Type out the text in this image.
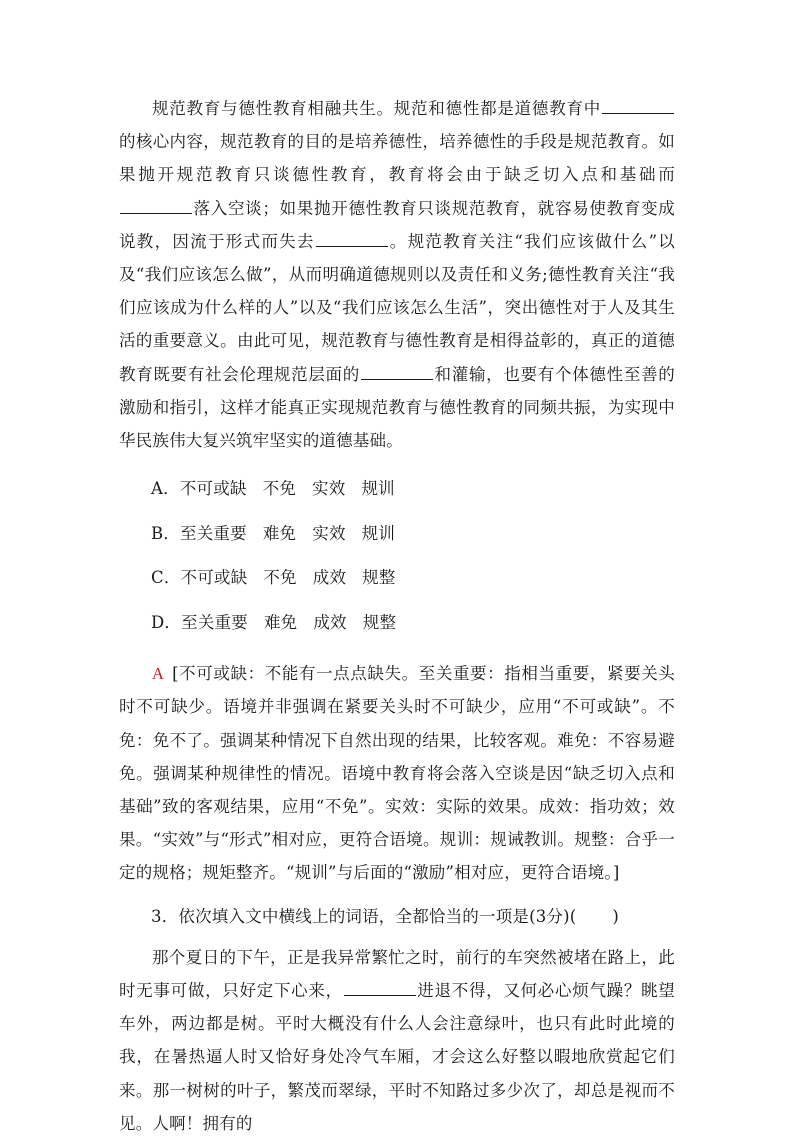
规范教育与德性教育相融共生。规范和德性都是道德教育中的核心内容，规范教育的目的是培养德性，培养德性的手段是规范教育。如果抛开规范教育只谈德性教育，教育将会由于缺乏切入点和基础而落入空谈；如果抛开德性教育只谈规范教育，就容易使教育变成说教，因流于形式而失去	。规范教育关注“我们应该做什么”以及“我们应该怎么做”，从而明确道德规则以及责任和义务;德性教育关注“我们应该成为什么样的人”以及“我们应该怎么生活”，突出德性对于人及其生活的重要意义。由此可见，规范教育与德性教育是相得益彰的，真正的道德教育既要有社会伦理规范层面的	和灌输，也要有个体德性至善的激励和指引，这样才能真正实现规范教育与德性教育的同频共振，为实现中华民族伟大复兴筑牢坚实的道德基础。

A．不可或缺 不免 实效 规训
B．至关重要 难免 实效 规训
C．不可或缺 不免 成效 规整
D．至关重要 难免 成效 规整

A [不可或缺：不能有一点点缺失。至关重要：指相当重要，紧要关头时不可缺少。语境并非强调在紧要关头时不可缺少，应用“不可或缺”。不免：免不了。强调某种情况下自然出现的结果，比较客观。难免：不容易避免。强调某种规律性的情况。语境中教育将会落入空谈是因“缺乏切入点和基础”致的客观结果，应用“不免”。实效：实际的效果。成效：指功效；效果。“实效”与“形式”相对应，更符合语境。规训：规诫教训。规整：合乎一定的规格；规矩整齐。“规训”与后面的“激励”相对应，更符合语境。]

3．依次填入文中横线上的词语，全都恰当的一项是(3分)( )

那个夏日的下午，正是我异常繁忙之时，前行的车突然被堵在路上，此时无事可做，只好定下心来，	进退不得，又何必心烦气躁？眺望车外，两边都是树。平时大概没有什么人会注意绿叶，也只有此时此境的我，在暑热逼人时又恰好身处冷气车厢，才会这么好整以暇地欣赏起它们来。那一树树的叶子，繁茂而翠绿，平时不知路过多少次了，却总是视而不见。人啊！拥有的
